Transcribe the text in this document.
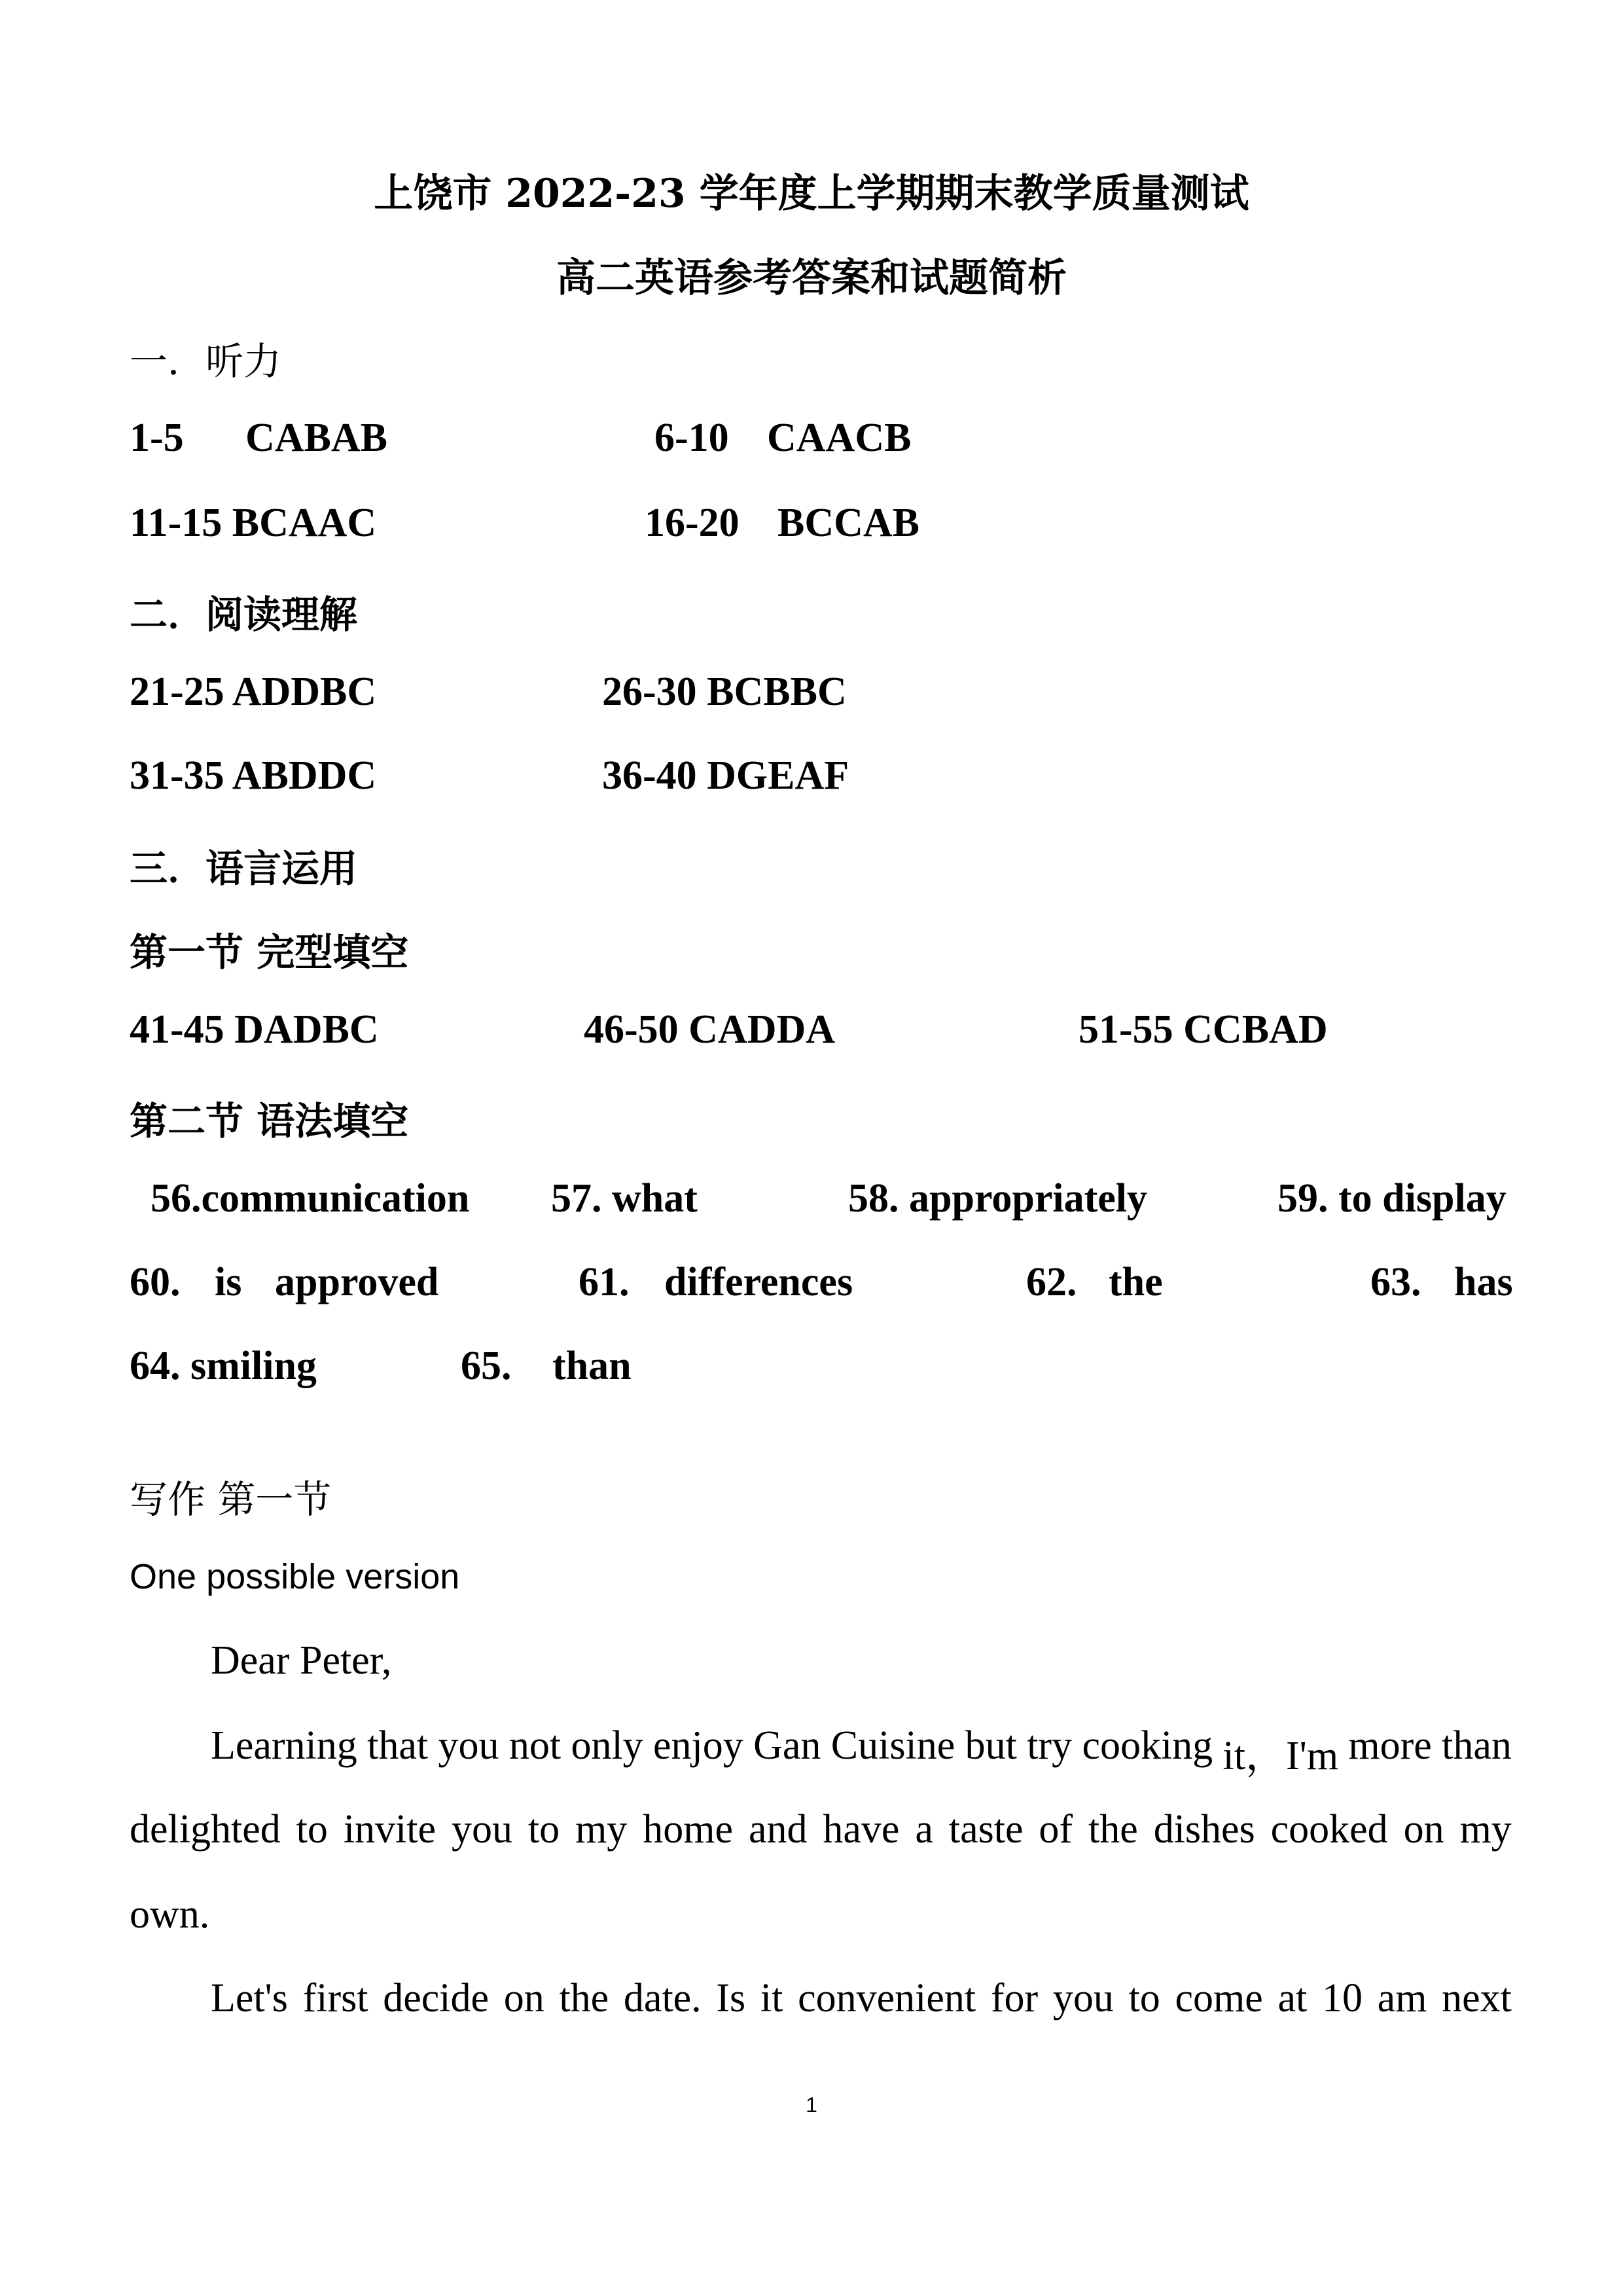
上饶市 2022-23 学年度上学期期末教学质量测试
高二英语参考答案和试题简析
一．听力
1-5 CABAB	6-10 CAACB
11-15 BCAAC	16-20 BCCAB
二．阅读理解
21-25 ADDBC	26-30 BCBBC
31-35 ABDDC	36-40 DGEAF
三．语言运用
第一节 完型填空
41-45 DADBC	46-50 CADDA	51-55 CCBAD
第二节 语法填空
56.communication 57. what	58. appropriately	59. to display
60. is approved	61. differences	62. the	63. has
64. smiling	65. than
写作 第一节
One possible version
Dear Peter,
Learning that you not only enjoy Gan Cuisine but try cooking it，I'm more than
delighted to invite you to my home and have a taste of the dishes cooked on my
own.
Let's first decide on the date. Is it convenient for you to come at 10 am next
1
